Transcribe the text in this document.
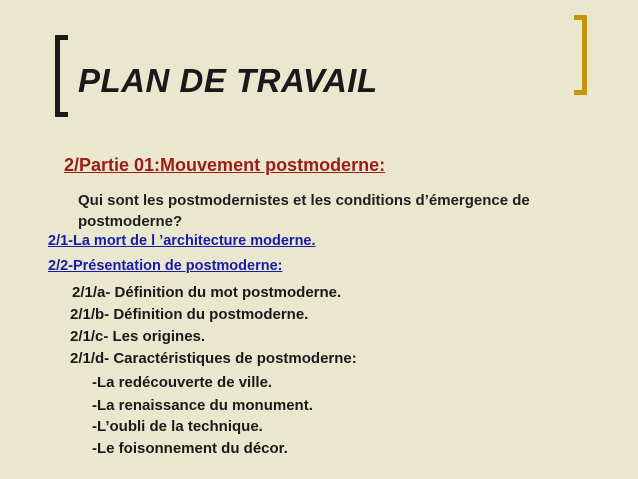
PLAN DE TRAVAIL
2/Partie 01:Mouvement postmoderne:
Qui sont les postmodernistes et les conditions d’émergence de postmoderne?
2/1-La mort de l ’architecture moderne.
2/2-Présentation de postmoderne:
2/1/a- Définition du mot postmoderne.
2/1/b- Définition du postmoderne.
2/1/c- Les origines.
2/1/d- Caractéristiques de postmoderne:
-La redécouverte de ville.
-La renaissance du monument.
-L’oubli de la technique.
-Le foisonnement du décor.
